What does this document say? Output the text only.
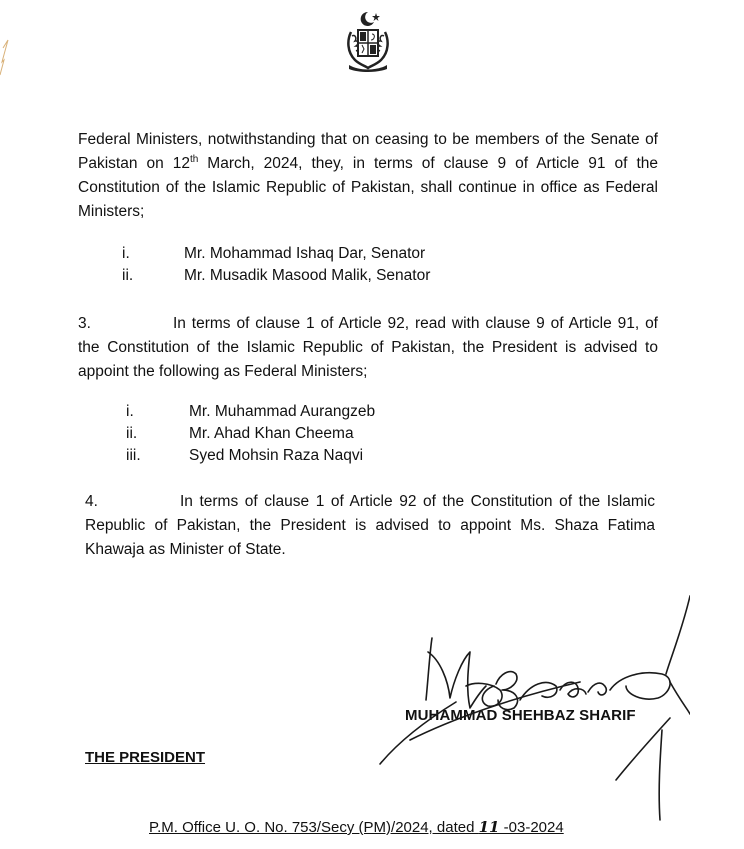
Federal Ministers, notwithstanding that on ceasing to be members of the Senate of Pakistan on 12th March, 2024, they, in terms of clause 9 of Article 91 of the Constitution of the Islamic Republic of Pakistan, shall continue in office as Federal Ministers;

i.	Mr. Mohammad Ishaq Dar, Senator
ii.	Mr. Musadik Masood Malik, Senator

3.	In terms of clause 1 of Article 92, read with clause 9 of Article 91, of the Constitution of the Islamic Republic of Pakistan, the President is advised to appoint the following as Federal Ministers;

i.	Mr. Muhammad Aurangzeb
ii.	Mr. Ahad Khan Cheema
iii.	Syed Mohsin Raza Naqvi

4.	In terms of clause 1 of Article 92 of the Constitution of the Islamic Republic of Pakistan, the President is advised to appoint Ms. Shaza Fatima Khawaja as Minister of State.

MUHAMMAD SHEHBAZ SHARIF
THE PRESIDENT
P.M. Office U. O. No. 753/Secy (PM)/2024, dated 11 -03-2024
